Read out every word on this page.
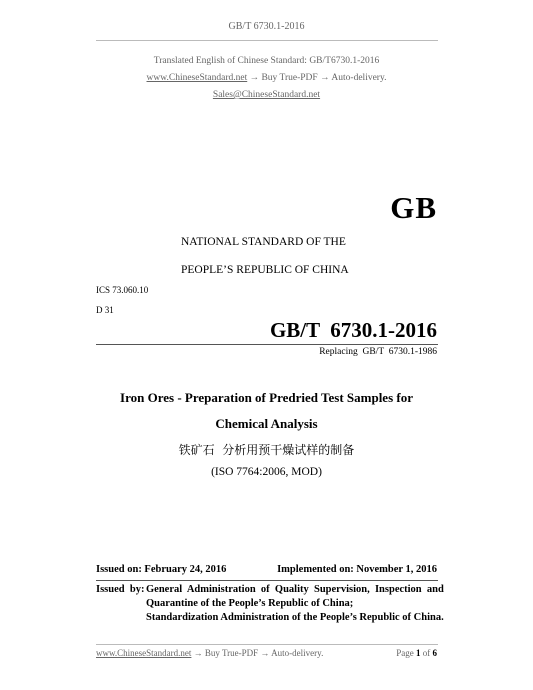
GB/T 6730.1-2016
Translated English of Chinese Standard: GB/T6730.1-2016
www.ChineseStandard.net → Buy True-PDF → Auto-delivery.
Sales@ChineseStandard.net
GB
NATIONAL STANDARD OF THE
PEOPLE’S REPUBLIC OF CHINA
ICS 73.060.10
D 31
GB/T  6730.1-2016
Replacing  GB/T  6730.1-1986
Iron Ores - Preparation of Predried Test Samples for
Chemical Analysis
铁矿石  分析用预干燥试样的制备
(ISO 7764:2006, MOD)
Issued on: February 24, 2016	Implemented on: November 1, 2016
Issued  by: General  Administration  of  Quality  Supervision,  Inspection  and
Quarantine of the People’s Republic of China;
Standardization Administration of the People’s Republic of China.
www.ChineseStandard.net → Buy True-PDF → Auto-delivery.	Page 1 of 6
